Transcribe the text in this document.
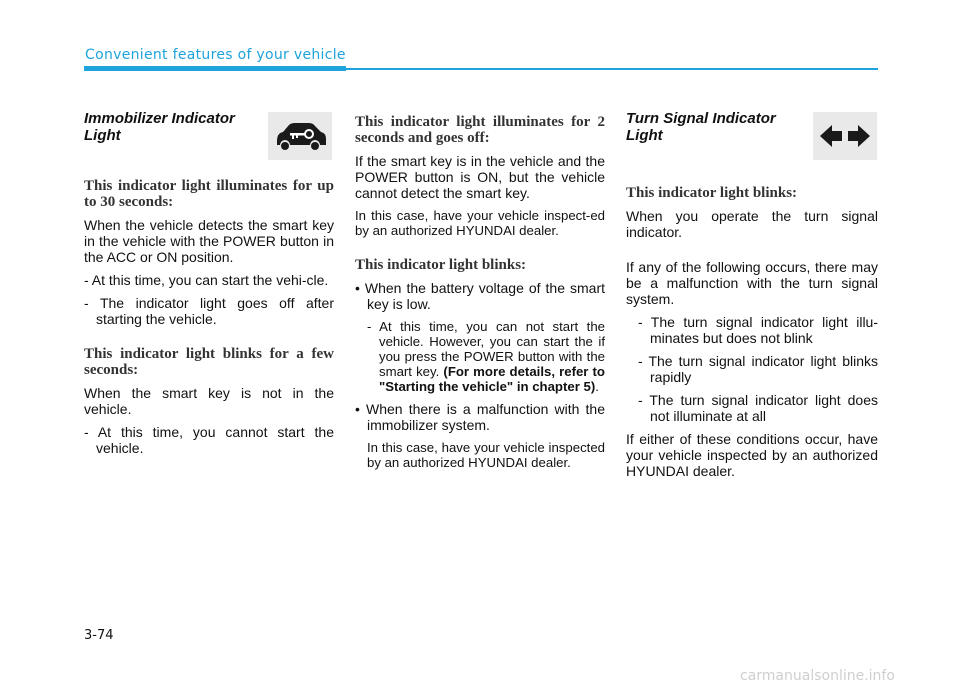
Convenient features of your vehicle
Immobilizer Indicator Light

This indicator light illuminates for up to 30 seconds:

When the vehicle detects the smart key in the vehicle with the POWER button in the ACC or ON position.

- At this time, you can start the vehi-cle.

- The indicator light goes off after starting the vehicle.

This indicator light blinks for a few seconds:

When the smart key is not in the vehicle.

- At this time, you cannot start the vehicle.

This indicator light illuminates for 2 seconds and goes off:

If the smart key is in the vehicle and the POWER button is ON, but the vehicle cannot detect the smart key.

In this case, have your vehicle inspect-ed by an authorized HYUNDAI dealer.

This indicator light blinks:

• When the battery voltage of the smart key is low.

- At this time, you can not start the vehicle. However, you can start the if you press the POWER button with the smart key. (For more details, refer to "Starting the vehicle" in chapter 5).

• When there is a malfunction with the immobilizer system.

In this case, have your vehicle inspected by an authorized HYUNDAI dealer.

Turn Signal Indicator Light

This indicator light blinks:

When you operate the turn signal indicator.

If any of the following occurs, there may be a malfunction with the turn signal system.

- The turn signal indicator light illu-minates but does not blink

- The turn signal indicator light blinks rapidly

- The turn signal indicator light does not illuminate at all

If either of these conditions occur, have your vehicle inspected by an authorized HYUNDAI dealer.

3-74
carmanualsonline.info
